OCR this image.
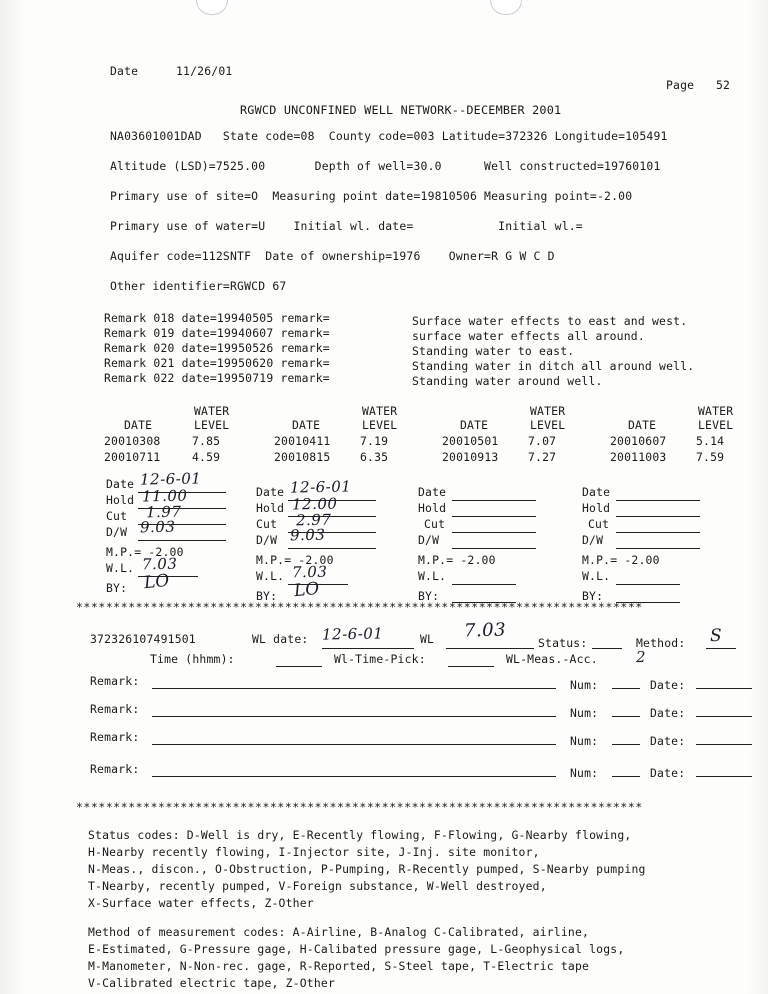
Date	11/26/01
Page 52
RGWCD UNCONFINED WELL NETWORK--DECEMBER 2001
NA03601001DAD   State code=08  County code=003 Latitude=372326 Longitude=105491
Altitude (LSD)=7525.00       Depth of well=30.0      Well constructed=19760101
Primary use of site=O  Measuring point date=19810506 Measuring point=-2.00
Primary use of water=U    Initial wl. date=            Initial wl.=
Aquifer code=112SNTF  Date of ownership=1976    Owner=R G W C D
Other identifier=RGWCD 67
Remark 018 date=19940505 remark=	Surface water effects to east and west.
Remark 019 date=19940607 remark=	surface water effects all around.
Remark 020 date=19950526 remark=	Standing water to east.
Remark 021 date=19950620 remark=	Standing water in ditch all around well.
Remark 022 date=19950719 remark=	Standing water around well.
WATER
DATE	LEVEL
20010308	7.85
20010711	4.59
WATER
DATE	LEVEL
20010411	7.19
20010815	6.35
WATER
DATE	LEVEL
20010501	7.07
20010913	7.27
WATER
DATE	LEVEL
20010607	5.14
20011003	7.59
Date 12-6-01
Hold 11.00
Cut 1.97
D/W 9.03
M.P.= -2.00
W.L. 7.03
BY: LO
Date 12-6-01
Hold 12.00
Cut 2.97
D/W 9.03
M.P.= -2.00
W.L. 7.03
BY: LO
Date
Hold
Cut
D/W
M.P.= -2.00
W.L.
BY:
Date
Hold
Cut
D/W
M.P.= -2.00
W.L.
BY:
****************************************************************************
372326107491501	WL date: 12-6-01	WL 7.03
Status:	Method: S
Time (hhmm):	Wl-Time-Pick:	WL-Meas.-Acc.	2
Remark:	Num:	Date:
Remark:	Num:	Date:
Remark:	Num:	Date:
Remark:	Num:	Date:
****************************************************************************
Status codes: D-Well is dry, E-Recently flowing, F-Flowing, G-Nearby flowing,
H-Nearby recently flowing, I-Injector site, J-Inj. site monitor,
N-Meas., discon., O-Obstruction, P-Pumping, R-Recently pumped, S-Nearby pumping
T-Nearby, recently pumped, V-Foreign substance, W-Well destroyed,
X-Surface water effects, Z-Other
Method of measurement codes: A-Airline, B-Analog C-Calibrated, airline,
E-Estimated, G-Pressure gage, H-Calibated pressure gage, L-Geophysical logs,
M-Manometer, N-Non-rec. gage, R-Reported, S-Steel tape, T-Electric tape
V-Calibrated electric tape, Z-Other
